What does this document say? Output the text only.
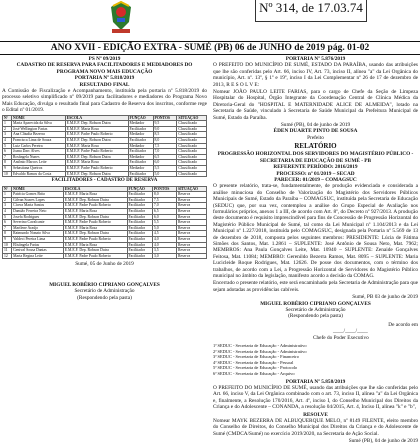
Nº 314, de 17.03.74
ANO XVII - EDIÇÃO EXTRA - SUMÉ (PB) 06 de JUNHO de 2019 pág. 01-02
PS Nº 09/2019
CADASTRO DE RESERVA PARA FACILITADORES E MEDIADORES DO PROGRAMA NOVO MAIS EDUCAÇÃO
PORTARIA Nº 5.818/2019
RESULTADO FINAL

A Comissão de Fiscalização e Acompanhamento, instituída pela portaria nº 5.818/2019 do processo seletivo simplificado nº 09/2019 para facilitadores e mediadores do Programa Novo Mais Educação, divulga o resultado final para Cadastro de Reserva dos inscritos, conforme rege o Edital nº 01/2019.

Nº	NOME	ESCOLA	FUNÇÃO	PONTOS	SITUAÇÃO
1	Maria Aparecida da Silva	E.M.E.F. Dep. Robson Dutra	Mediador	9,5	Classificado
2	José Wellington Farias	E.M.E.F. Maria Rosa	Facilitador	9,0	Classificado
3	Ana Cláudia Bezerra	E.M.E.F. Padre Paulo Roberto	Mediador	8,5	Classificado
4	Francisca Lima de Souza	E.M.E.F. Dep. Robson Dutra	Facilitador	8,0	Classificado
5	Luiz Carlos Pereira	E.M.E.F. Maria Rosa	Mediador	7,5	Classificado
6	Joana Darc Alves	E.M.E.F. Padre Paulo Roberto	Facilitador	7,0	Classificado
7	Rosângela Nunes	E.M.E.F. Dep. Robson Dutra	Mediador	6,5	Classificado
8	Antônio Marcos Leite	E.M.E.F. Maria Rosa	Facilitador	6,0	Classificado
9	Sebastiana Queiroz	E.M.E.F. Padre Paulo Roberto	Mediador	5,5	Classificado
10	Edvaldo Ramos da Costa	E.M.E.F. Dep. Robson Dutra	Facilitador	5,0	Classificado
FACILITADORES - CADASTRO DE RESERVA
Nº	NOME	ESCOLA	FUNÇÃO	PONTOS	SITUAÇÃO
1	Patrícia Gomes Brito	E.M.E.F. Maria Rosa	Facilitador	8,0	Reserva
2	Gilvan Soares Lopes	E.M.E.F. Dep. Robson Dutra	Facilitador	7,5	Reserva
3	Cícera Maria Santos	E.M.E.F. Padre Paulo Roberto	Facilitador	7,0	Reserva
4	Damião Ferreira Neto	E.M.E.F. Maria Rosa	Facilitador	6,5	Reserva
5	Josefa Rodrigues	E.M.E.F. Dep. Robson Dutra	Facilitador	6,0	Reserva
6	Severino Cavalcante	E.M.E.F. Padre Paulo Roberto	Facilitador	5,5	Reserva
7	Marilene Araújo	E.M.E.F. Maria Rosa	Facilitador	5,0	Reserva
8	Raimundo Nonato Silva	E.M.E.F. Dep. Robson Dutra	Facilitador	4,5	Reserva
9	Valdeci Pereira Lima	E.M.E.F. Padre Paulo Roberto	Facilitador	4,0	Reserva
10	Elisângela Farias	E.M.E.F. Maria Rosa	Facilitador	4,0	Reserva
11	Genival Sousa Dantas	E.M.E.F. Dep. Robson Dutra	Facilitador	3,5	Reserva
12	Marta Regina Leite	E.M.E.F. Padre Paulo Roberto	Facilitador	3,0	Reserva
Sumé, 05 de Junho de 2019
MIGUEL ROBÉRIO CIPRIANO GONÇALVES
Secretário de Administração
(Respondendo pela pasta)
PORTARIA Nº 5.876/2019

O PREFEITO DO MUNICÍPIO DE SUMÉ, ESTADO DA PARAÍBA, usando das atribuições que lhe são conferidas pelo Art. 66, inciso IV, Art. 73, inciso II, alínea "a" da Lei Orgânica do município, Art. nº. 13º, § 1º e 19º, inciso I da Lei Complementar nº 26 de 17 de dezembro de 2013, R E S O L V E:

Nomear JOÃO PAULO LEITE FARIAS, para o cargo de Chefe da Seção de Limpeza Hospitalar do Hospital, Órgão Integrante da Coordenação Central de Clínica Médica da Diretoria-Geral do "HOSPITAL E MATERNIDADE ALICE DE ALMEIDA", lotado na Secretaria de Saúde, vinculado à Secretaria de Saúde Municipal da Prefeitura Municipal de Sumé, Estado da Paraíba.

Sumé (PB), 04 de junho de 2019
ÉDEN DUARTE PINTO DE SOUSA
Prefeito
RELATÓRIO
PROGRESSÃO HORIZONTAL DOS SERVIDORES DO MAGISTÉRIO PÚBLICO - SECRETARIA DE EDUCAÇÃO DE SUMÉ - PB
REFERENTE PERÍODO: 2016/2019
PROCESSO: nº 01/2019 – SECAD
PARECER: 01/2019 – COMAGSUC

O presente relatório, trata-se, fundamentalmente, de produção evidenciada e considerada a análise minuciosa do Conselho de Valorização do Magistério dos Servidores Públicos Municipais de Sumé, Estado da Paraíba – COMAGSUC, instituída pela Secretaria de Educação (SEDUC) que, por sua vez, contemplou a análise do Grupo Especial de Avaliação nos formulários próprios, anexos 1 a III, de acordo com Art. 8º, do Decreto nº 927/2013. A produção deste documento é requisito imprescindível para fins de Concessão de Progressão Horizontal do Magistério Público Municipal de Sumé, tal como da Lei Municipal nº 1.104/2013 e da Lei Municipal nº 1.227/2018, instituída pelo COMAGSUC, designada pela Portaria nº 5.569 de 13 de dezembro de 2018, composta pelos seguintes membros: PRESIDENTE: Lúcia de Fátima Simões dos Santos, Mat. 1.2861 – SUPLENTE: José Antônio de Sousa Neto, Mat. 7962; MEMBROS: Ana Paula Gonçalves Leite, Mat. 10940 – SUPLENTE: Zenaide Gonçalves Feitosa, Mat. 11084; MEMBRO: Gerenildo Bezerra Ramos, Mat. 8095 – SUPLENTE: Maria Lucicleide Roque Rodrigues, Mat. 12626. De posse dos documentos, com o término dos trabalhos, de acordo com a Lei, a Progressão Horizontal de Servidores do Magistério Público municipal no âmbito da legislação, manifesto acordo a decisão da COMAG.

Encerrado o presente relatório, este será encaminhado pela Secretaria de Administração para que sejam adotadas as providências cabíveis.

Sumé, PB 03 de junho de 2019
MIGUEL ROBÉRIO CIPRIANO GONÇALVES
Secretário de Administração
(Respondendo pela pasta)
De acordo em
____/____/____
Chefe do Poder Executivo
1ª SEDUC - Secretaria de Educação - Administrativo
2ª SEDUC - Secretaria de Educação - Administrativo
3ª SEDUC - Secretaria de Educação - Financeiro
4ª SEDUC - Secretaria de Educação - Pessoal
5ª SEDUC - Secretaria de Educação - Protocolo
6ª SEDUC - Secretaria de Educação - Arquivo
PORTARIA Nº 5.858/2019

O PREFEITO DO MUNICÍPIO DE SUMÉ, usando das atribuições que lhe são conferidas pelo Art. 66, inciso V, da Lei Orgânica combinado com o art. 73, inciso II, alínea "a" da Lei Orgânica e, finalmente, a Resolução 170/2016, Art. 4º, inciso I, do Conselho Municipal dos Direitos da Criança e do Adolescente – CONANDA, a resolução 04/2015, Art. 4, Inciso II, alínea "k" e "b",

RESOLVE

Nomear MAYK BEZERRA DE ALBUQUERQUE MELO, nº 8149 FILENTE, eleito membro do Conselho de Direitos, do Conselho Municipal dos Direitos da Criança e do Adolescente de Sumé (CMDCA/Sumé) no exercício 2019/2020, na Secretaria de Ação Social.

Sumé (PB), 04 de junho de 2019
